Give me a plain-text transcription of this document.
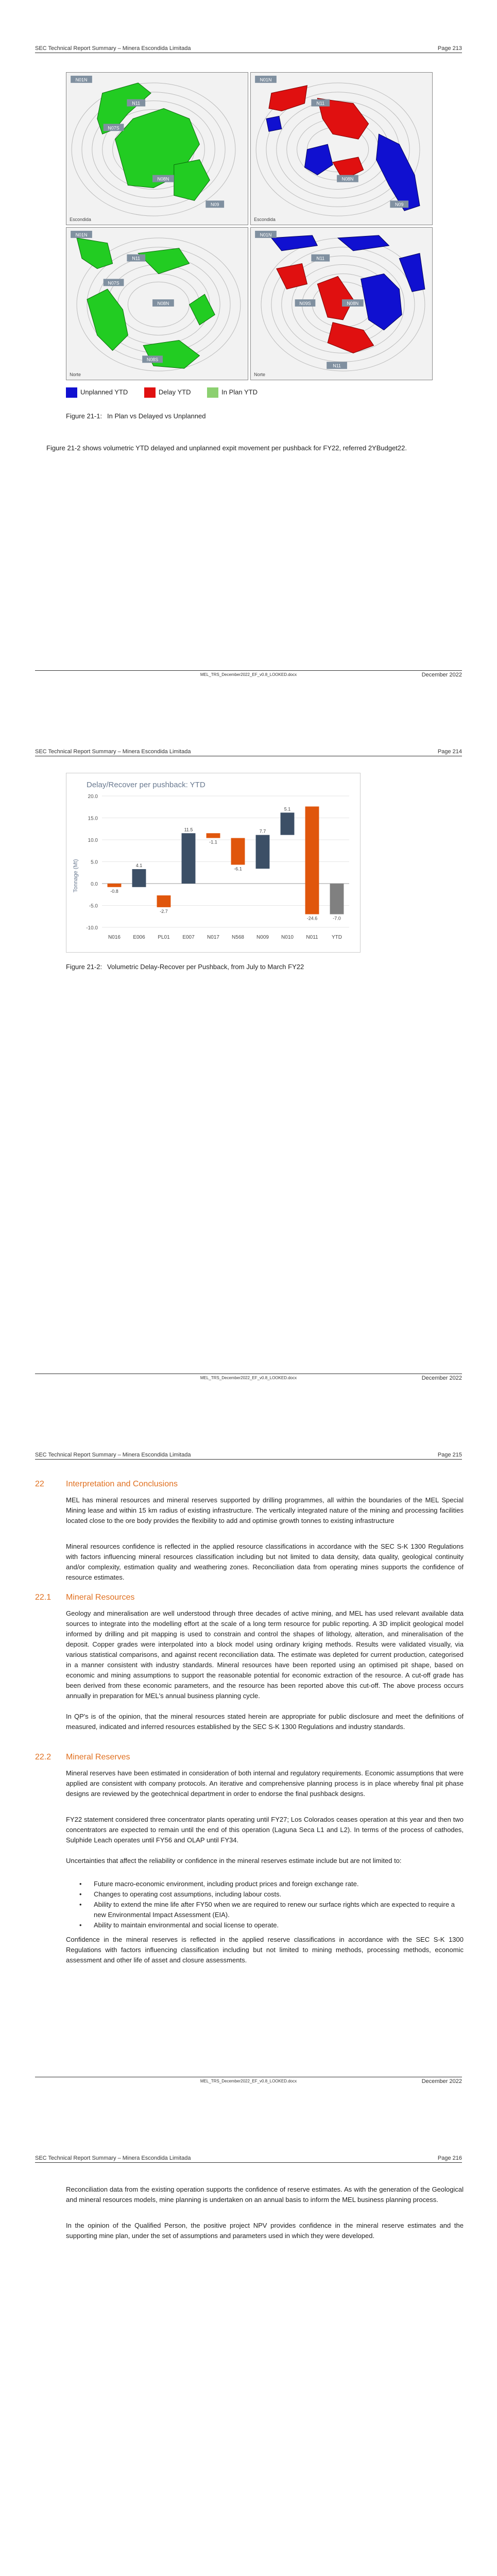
SEC Technical Report Summary – Minera Escondida Limitada	Page 213
N01N
N11
N07S
N08N
N09
Escondida
N01N
N11
N08N
N09
Escondida
N01N
N11
N07S
N08N
N08S
Norte
N01N
N11
N09S	N08N
N11
Norte
Unplanned YTD	Delay YTD	In Plan YTD
Figure 21-1: In Plan vs Delayed vs Unplanned
Figure 21-2 shows volumetric YTD delayed and unplanned expit movement per pushback for FY22, referred 2YBudget22.
MEL_TRS_December2022_EF_v0.8_LOOKED.docx	December 2022
SEC Technical Report Summary – Minera Escondida Limitada	Page 214
MEL_TRS_December2022_EF_v0.8_LOOKED.docx	December 2022
Delay/Recover per pushback: YTD
Tonnage (Mt)
-10.0
-5.0
0.0
5.0
10.0
15.0
20.0
-0.8
4.1
-2.7
11.5
-1.1
-6.1
7.7
5.1
-24.6	-7.0
N016 E006 PL01 E007 N017 N568 N009 N010 N011	YTD
Figure 21-2: Volumetric Delay-Recover per Pushback, from July to March FY22
SEC Technical Report Summary – Minera Escondida Limitada	Page 215
22	Interpretation and Conclusions
MEL has mineral resources and mineral reserves supported by drilling programmes, all within the boundaries of the MEL Special Mining lease and within 15 km radius of existing infrastructure. The vertically integrated nature of the mining and processing facilities located close to the ore body provides the flexibility to add and optimise growth tonnes to existing infrastructure
Mineral resources confidence is reflected in the applied resource classifications in accordance with the SEC S-K 1300 Regulations with factors influencing mineral resources classification including but not limited to data density, data quality, geological continuity and/or complexity, estimation quality and weathering zones. Reconciliation data from operating mines supports the confidence of resource estimates.
22.1 Mineral Resources
Geology and mineralisation are well understood through three decades of active mining, and MEL has used relevant available data sources to integrate into the modelling effort at the scale of a long term resource for public reporting. A 3D implicit geological model informed by drilling and pit mapping is used to constrain and control the shapes of lithology, alteration, and mineralisation of the deposit. Copper grades were interpolated into a block model using ordinary kriging methods. Results were validated visually, via various statistical comparisons, and against recent reconciliation data. The estimate was depleted for current production, categorised in a manner consistent with industry standards. Mineral resources have been reported using an optimised pit shape, based on economic and mining assumptions to support the reasonable potential for economic extraction of the resource. A cut-off grade has been derived from these economic parameters, and the resource has been reported above this cut-off. The above process occurs annually in preparation for MEL's annual business planning cycle.
In QP's is of the opinion, that the mineral resources stated herein are appropriate for public disclosure and meet the definitions of measured, indicated and inferred resources established by the SEC S-K 1300 Regulations and industry standards.
22.2 Mineral Reserves
Mineral reserves have been estimated in consideration of both internal and regulatory requirements. Economic assumptions that were applied are consistent with company protocols. An iterative and comprehensive planning process is in place whereby final pit phase designs are reviewed by the geotechnical department in order to endorse the final pushback designs.
FY22 statement considered three concentrator plants operating until FY27; Los Colorados ceases operation at this year and then two concentrators are expected to remain until the end of this operation (Laguna Seca L1 and L2). In terms of the process of cathodes, Sulphide Leach operates until FY56 and OLAP until FY34.
Uncertainties that affect the reliability or confidence in the mineral reserves estimate include but are not limited to:
• Future macro-economic environment, including product prices and foreign exchange rate.
• Changes to operating cost assumptions, including labour costs.
• Ability to extend the mine life after FY50 when we are required to renew our surface rights which are expected to require a new Environmental Impact Assessment (EIA).
• Ability to maintain environmental and social license to operate.
Confidence in the mineral reserves is reflected in the applied reserve classifications in accordance with the SEC S-K 1300 Regulations with factors influencing classification including but not limited to mining methods, processing methods, economic assessment and other life of asset and closure assessments.
MEL_TRS_December2022_EF_v0.8_LOOKED.docx	December 2022
SEC Technical Report Summary – Minera Escondida Limitada	Page 216
Reconciliation data from the existing operation supports the confidence of reserve estimates. As with the generation of the Geological and mineral resources models, mine planning is undertaken on an annual basis to inform the MEL business planning process.
In the opinion of the Qualified Person, the positive project NPV provides confidence in the mineral reserve estimates and the supporting mine plan, under the set of assumptions and parameters used in which they were developed.
